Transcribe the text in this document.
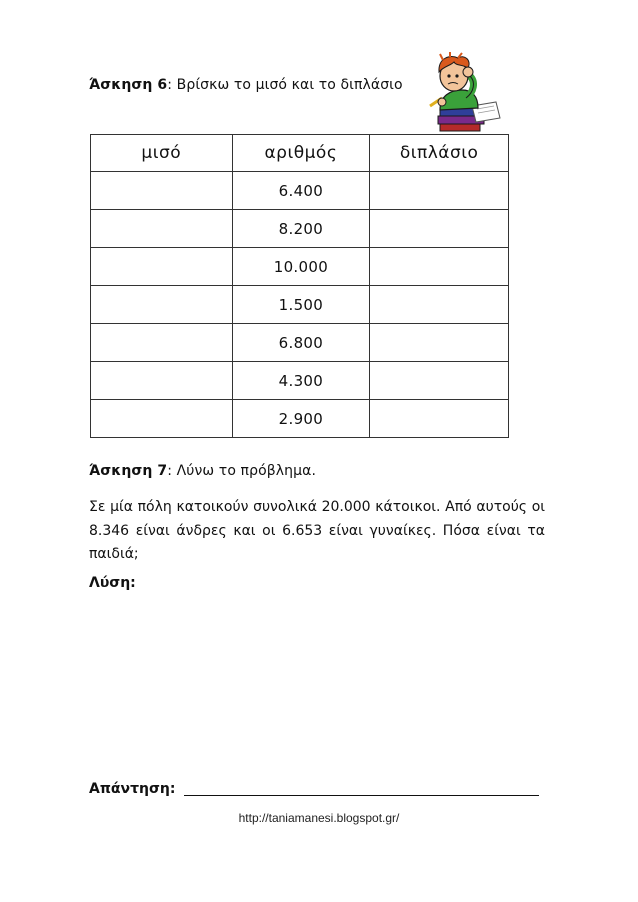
Άσκηση 6: Βρίσκω το μισό και το διπλάσιο
μισό	αριθμός	διπλάσιο
	6.400	
	8.200	
	10.000	
	1.500	
	6.800	
	4.300	
	2.900	
Άσκηση 7: Λύνω το πρόβλημα.
Σε μία πόλη κατοικούν συνολικά 20.000 κάτοικοι. Από αυτούς οι 8.346 είναι άνδρες και οι 6.653 είναι γυναίκες. Πόσα είναι τα παιδιά;
Λύση:
Απάντηση:
http://taniamanesi.blogspot.gr/
